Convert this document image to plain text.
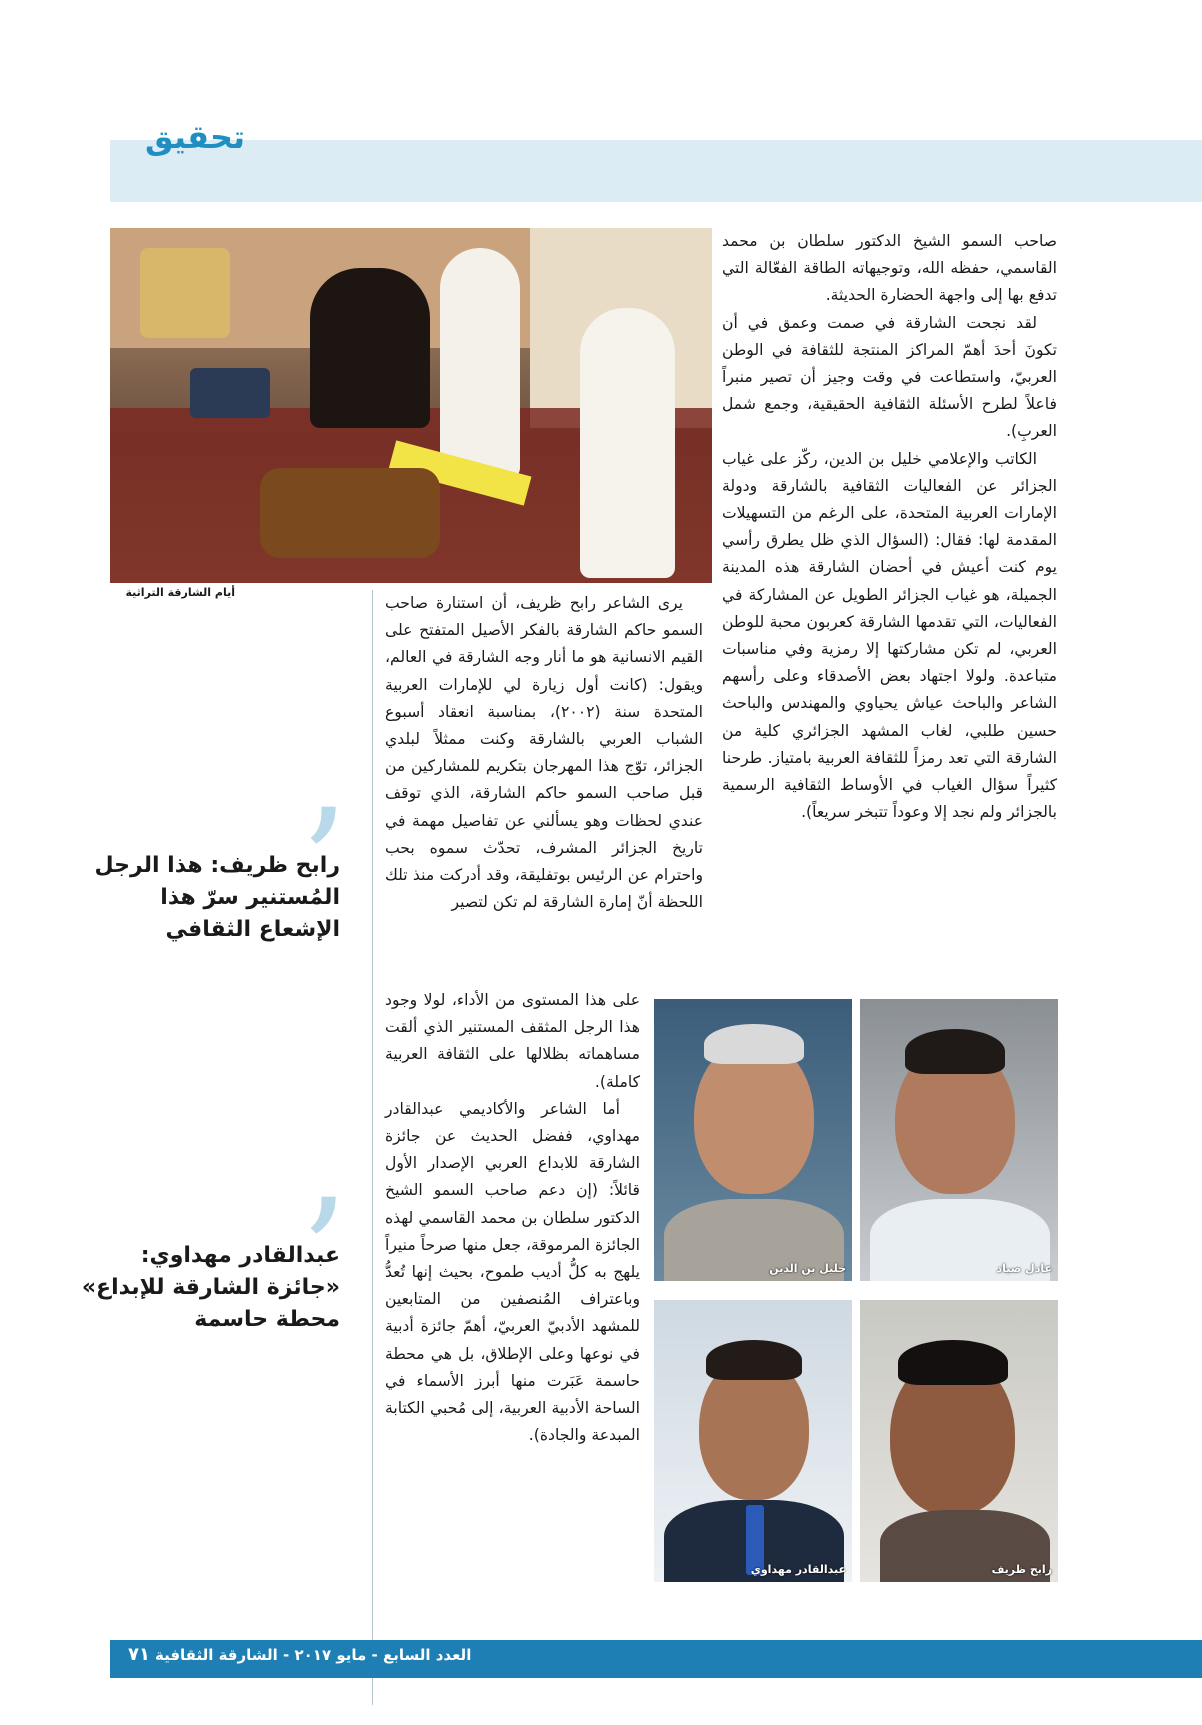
تحقيق
أيام الشارقة التراثية

صاحب السمو الشيخ الدكتور سلطان بن محمد القاسمي، حفظه الله، وتوجيهاته الطاقة الفعّالة التي تدفع بها إلى واجهة الحضارة الحديثة.

لقد نجحت الشارقة في صمت وعمق في أن تكونَ أحدَ أهمّ المراكز المنتجة للثقافة في الوطن العربيّ، واستطاعت في وقت وجيز أن تصير منبراً فاعلاً لطرح الأسئلة الثقافية الحقيقية، وجمع شمل العربِ).

الكاتب والإعلامي خليل بن الدين، ركّز على غياب الجزائر عن الفعاليات الثقافية بالشارقة ودولة الإمارات العربية المتحدة، على الرغم من التسهيلات المقدمة لها: فقال: (السؤال الذي ظل يطرق رأسي يوم كنت أعيش في أحضان الشارقة هذه المدينة الجميلة، هو غياب الجزائر الطويل عن المشاركة في الفعاليات، التي تقدمها الشارقة كعربون محبة للوطن العربي، لم تكن مشاركتها إلا رمزية وفي مناسبات متباعدة. ولولا اجتهاد بعض الأصدقاء وعلى رأسهم الشاعر والباحث عياش يحياوي والمهندس والباحث حسين طلبي، لغاب المشهد الجزائري كلية من الشارقة التي تعد رمزاً للثقافة العربية بامتياز. طرحنا كثيراً سؤال الغياب في الأوساط الثقافية الرسمية بالجزائر ولم نجد إلا وعوداً تتبخر سريعاً).

يرى الشاعر رابح ظريف، أن استنارة صاحب السمو حاكم الشارقة بالفكر الأصيل المتفتح على القيم الانسانية هو ما أنار وجه الشارقة في العالم، ويقول: (كانت أول زيارة لي للإمارات العربية المتحدة سنة (٢٠٠٢)، بمناسبة انعقاد أسبوع الشباب العربي بالشارقة وكنت ممثلاً لبلدي الجزائر، توّج هذا المهرجان بتكريم للمشاركين من قبل صاحب السمو حاكم الشارقة، الذي توقف عندي لحظات وهو يسألني عن تفاصيل مهمة في تاريخ الجزائر المشرف، تحدّث سموه بحب واحترام عن الرئيس بوتفليقة، وقد أدركت منذ تلك اللحظة أنّ إمارة الشارقة لم تكن لتصير

على هذا المستوى من الأداء، لولا وجود هذا الرجل المثقف المستنير الذي ألقت مساهماته بظلالها على الثقافة العربية كاملة).

أما الشاعر والأكاديمي عبدالقادر مهداوي، ففضل الحديث عن جائزة الشارقة للابداع العربي الإصدار الأول قائلاً: (إن دعم صاحب السمو الشيخ الدكتور سلطان بن محمد القاسمي لهذه الجائزة المرموقة، جعل منها صرحاً منيراً يلهج به كلُّ أديب طموح، بحيث إنها تُعدُّ وباعتراف المُنصفين من المتابعين للمشهد الأدبيّ العربيّ، أهمّ جائزة أدبية في نوعها وعلى الإطلاق، بل هي محطة حاسمة عَبَرت منها أبرز الأسماء في الساحة الأدبية العربية، إلى مُحبي الكتابة المبدعة والجادة).

’
رابح ظريف: هذا الرجل المُستنير سرّ هذا الإشعاع الثقافي
’
عبدالقادر مهداوي: «جائزة الشارقة للإبداع» محطة حاسمة
عادل صياد
خليل بن الدين
رابح ظريف
عبدالقادر مهداوي
العدد السابع - مايو ٢٠١٧ - الشارقة الثقافية
٧١
